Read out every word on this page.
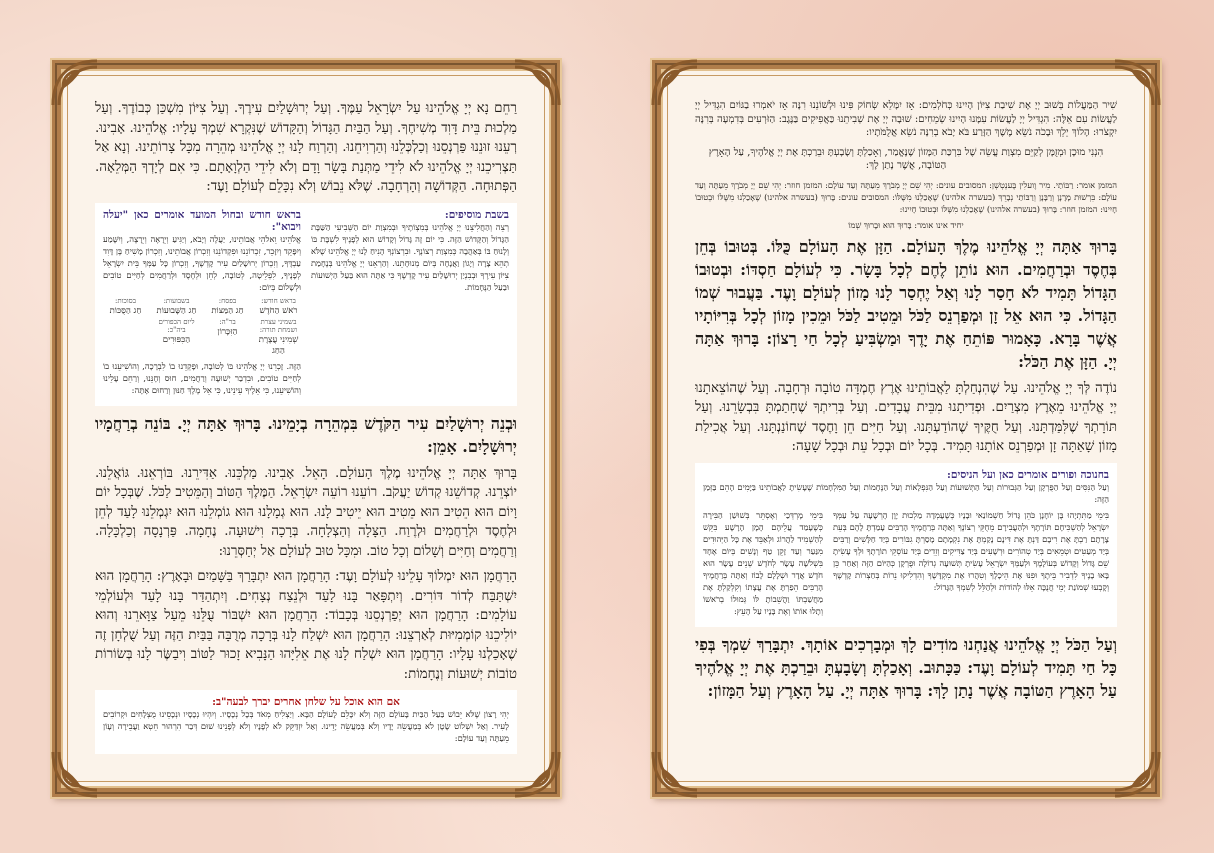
רַחֵם נָא יְיָ אֱלֹהֵינוּ עַל יִשְׂרָאֵל עַמֶּךָ. וְעַל יְרוּשָׁלַיִם עִירֶךָ. וְעַל צִיּוֹן מִשְׁכַּן כְּבוֹדֶךָ. וְעַל מַלְכוּת בֵּית דָּוִד מְשִׁיחֶךָ. וְעַל הַבַּיִת הַגָּדוֹל וְהַקָּדוֹשׁ שֶׁנִּקְרָא שִׁמְךָ עָלָיו: אֱלֹהֵינוּ. אָבִינוּ. רְעֵנוּ זוּנֵנוּ פַּרְנְסֵנוּ וְכַלְכְּלֵנוּ וְהַרְוִיחֵנוּ. וְהַרְוַח לָנוּ יְיָ אֱלֹהֵינוּ מְהֵרָה מִכָּל צָרוֹתֵינוּ. וְנָא אַל תַּצְרִיכֵנוּ יְיָ אֱלֹהֵינוּ לֹא לִידֵי מַתְּנַת בָּשָׂר וָדָם וְלֹא לִידֵי הַלְוָאָתָם. כִּי אִם לְיָדְךָ הַמְּלֵאָה. הַפְּתוּחָה. הַקְּדוֹשָׁה וְהָרְחָבָה. שֶׁלֹּא נֵבוֹשׁ וְלֹא נִכָּלֵם לְעוֹלָם וָעֶד:

בשבת מוסיפים:

רְצֵה וְהַחֲלִיצֵנוּ יְיָ אֱלֹהֵינוּ בְּמִצְוֹתֶיךָ וּבְמִצְוַת יוֹם הַשְּׁבִיעִי הַשַּׁבָּת הַגָּדוֹל וְהַקָּדוֹשׁ הַזֶּה. כִּי יוֹם זֶה גָּדוֹל וְקָדוֹשׁ הוּא לְפָנֶיךָ לִשְׁבָּת בּוֹ וְלָנוּחַ בּוֹ בְּאַהֲבָה כְּמִצְוַת רְצוֹנֶךָ. וּבִרְצוֹנְךָ הָנִיחַ לָנוּ יְיָ אֱלֹהֵינוּ שֶׁלֹּא תְהֵא צָרָה וְיָגוֹן וַאֲנָחָה בְּיוֹם מְנוּחָתֵנוּ. וְהַרְאֵנוּ יְיָ אֱלֹהֵינוּ בְּנֶחָמַת צִיּוֹן עִירֶךָ וּבְבִנְיַן יְרוּשָׁלַיִם עִיר קָדְשֶׁךָ כִּי אַתָּה הוּא בַּעַל הַיְשׁוּעוֹת וּבַעַל הַנֶּחָמוֹת.

בראש חודש ובחול המועד אומרים כאן "יעלה ויבוא":

אֱלֹהֵינוּ וֵאלֹהֵי אֲבוֹתֵינוּ, יַעֲלֶה וְיָבֹא, וְיַגִּיעַ וְיֵרָאֶה וְיֵרָצֶה, וְיִשָּׁמַע וְיִפָּקֵד וְיִזָּכֵר, זִכְרוֹנֵנוּ וּפִקְדוֹנֵנוּ וְזִכְרוֹן אֲבוֹתֵינוּ, וְזִכְרוֹן מָשִׁיחַ בֶּן דָּוִד עַבְדֶּךָ, וְזִכְרוֹן יְרוּשָׁלַיִם עִיר קָדְשֶׁךָ, וְזִכְרוֹן כָּל עַמְּךָ בֵּית יִשְׂרָאֵל לְפָנֶיךָ, לִפְלֵיטָה, לְטוֹבָה, לְחֵן וּלְחֶסֶד וּלְרַחֲמִים לְחַיִּים טוֹבִים וּלְשָׁלוֹם בְּיוֹם:

בראש חודש:
רֹאשׁ הַחֹדֶשׁ
בפסח:
חַג הַמַּצּוֹת
בשבועות:
חַג הַשָּׁבוּעוֹת
בסוכות:
חַג הַסֻּכּוֹת
בשמיני עצרת ושמחת תורה:
שְׁמִינִי עֲצֶרֶת הַחַג
בר"ה:
הַזִּכָּרוֹן
ליום הכפורים ביה"כ:
הַכִּפּוּרִים

הַזֶּה. זָכְרֵנוּ יְיָ אֱלֹהֵינוּ בּוֹ לְטוֹבָה, וּפָקְדֵנוּ בוֹ לִבְרָכָה, וְהוֹשִׁיעֵנוּ בוֹ לְחַיִּים טוֹבִים, וּבִדְבַר יְשׁוּעָה וְרַחֲמִים, חוּס וְחָנֵּנוּ, וְרַחֵם עָלֵינוּ וְהוֹשִׁיעֵנוּ, כִּי אֵלֶיךָ עֵינֵינוּ, כִּי אֵל מֶלֶךְ חַנּוּן וְרַחוּם אָתָּה:

וּבְנֵה יְרוּשָׁלַיִם עִיר הַקֹּדֶשׁ בִּמְהֵרָה בְיָמֵינוּ. בָּרוּךְ אַתָּה יְיָ. בּוֹנֵה בְרַחֲמָיו יְרוּשָׁלָיִם. אָמֵן:

בָּרוּךְ אַתָּה יְיָ אֱלֹהֵינוּ מֶלֶךְ הָעוֹלָם. הָאֵל. אָבִינוּ. מַלְכֵּנוּ. אַדִּירֵנוּ. בּוֹרְאֵנוּ. גּוֹאֲלֵנוּ. יוֹצְרֵנוּ. קְדוֹשֵׁנוּ קְדוֹשׁ יַעֲקֹב. רוֹעֵנוּ רוֹעֵה יִשְׂרָאֵל. הַמֶּלֶךְ הַטּוֹב וְהַמֵּטִיב לַכֹּל. שֶׁבְּכָל יוֹם וָיוֹם הוּא הֵטִיב הוּא מֵטִיב הוּא יֵיטִיב לָנוּ. הוּא גְמָלָנוּ הוּא גוֹמְלֵנוּ הוּא יִגְמְלֵנוּ לָעַד לְחֵן וּלְחֶסֶד וּלְרַחֲמִים וּלְרֶוַח. הַצָּלָה וְהַצְלָחָה. בְּרָכָה וִישׁוּעָה. נֶחָמָה. פַּרְנָסָה וְכַלְכָּלָה. וְרַחֲמִים וְחַיִּים וְשָׁלוֹם וְכָל טוֹב. וּמִכָּל טוּב לְעוֹלָם אַל יְחַסְּרֵנוּ:

הָרַחֲמָן הוּא יִמְלוֹךְ עָלֵינוּ לְעוֹלָם וָעֶד: הָרַחֲמָן הוּא יִתְבָּרַךְ בַּשָּׁמַיִם וּבָאָרֶץ: הָרַחֲמָן הוּא יִשְׁתַּבַּח לְדוֹר דּוֹרִים. וְיִתְפָּאַר בָּנוּ לָעַד וּלְנֵצַח נְצָחִים. וְיִתְהַדַּר בָּנוּ לָעַד וּלְעוֹלְמֵי עוֹלָמִים: הָרַחֲמָן הוּא יְפַרְנְסֵנוּ בְּכָבוֹד: הָרַחֲמָן הוּא יִשְׁבּוֹר עֻלֵּנוּ מֵעַל צַוָּארֵנוּ וְהוּא יוֹלִיכֵנוּ קוֹמְמִיּוּת לְאַרְצֵנוּ: הָרַחֲמָן הוּא יִשְׁלַח לָנוּ בְּרָכָה מְרֻבָּה בַּבַּיִת הַזֶּה וְעַל שֻׁלְחָן זֶה שֶׁאָכַלְנוּ עָלָיו: הָרַחֲמָן הוּא יִשְׁלַח לָנוּ אֶת אֵלִיָּהוּ הַנָּבִיא זָכוּר לַטּוֹב וִיבַשֶּׂר לָנוּ בְּשׂוֹרוֹת טוֹבוֹת יְשׁוּעוֹת וְנֶחָמוֹת:

אם הוא אוכל על שלחן אחרים יברך לבעה"ב:

יְהִי רָצוֹן שֶׁלֹּא יֵבוֹשׁ בַּעַל הַבַּיִת בָּעוֹלָם הַזֶּה וְלֹא יִכָּלֵם לָעוֹלָם הַבָּא. וְיַצְלִיחַ מְאֹד בְּכָל נְכָסָיו. וְיִהְיוּ נְכָסָיו וּנְכָסֵינוּ מֻצְלָחִים וּקְרוֹבִים לָעִיר. וְאַל יִשְׁלוֹט שָׂטָן לֹא בְּמַעֲשֵׂה יָדָיו וְלֹא בְּמַעֲשֵׂה יָדֵינוּ. וְאַל יִזְדַּקֵּק לֹא לְפָנָיו וְלֹא לְפָנֵינוּ שׁוּם דְּבַר הִרְהוּר חֵטְא וַעֲבֵירָה וְעָוֹן מֵעַתָּה וְעַד עוֹלָם:

שִׁיר הַמַּעֲלוֹת בְּשׁוּב יְיָ אֶת שִׁיבַת צִיּוֹן הָיִינוּ כְּחֹלְמִים: אָז יִמָּלֵא שְׂחוֹק פִּינוּ וּלְשׁוֹנֵנוּ רִנָּה אָז יֹאמְרוּ בַגּוֹיִם הִגְדִּיל יְיָ לַעֲשׂוֹת עִם אֵלֶּה: הִגְדִּיל יְיָ לַעֲשׂוֹת עִמָּנוּ הָיִינוּ שְׂמֵחִים: שׁוּבָה יְיָ אֶת שְׁבִיתֵנוּ כַּאֲפִיקִים בַּנֶּגֶב: הַזֹּרְעִים בְּדִמְעָה בְּרִנָּה יִקְצֹרוּ: הָלוֹךְ יֵלֵךְ וּבָכֹה נֹשֵׂא מֶשֶׁךְ הַזָּרַע בֹּא יָבֹא בְרִנָּה נֹשֵׂא אֲלֻמֹּתָיו:

הִנְנִי מוּכָן וּמְזֻמָּן לְקַיֵּם מִצְוַת עֲשֵׂה שֶׁל בִּרְכַּת הַמָּזוֹן שֶׁנֶּאֱמַר, וְאָכַלְתָּ וְשָׂבָעְתָּ וּבֵרַכְתָּ אֶת יְיָ אֱלֹהֶיךָ, עַל הָאָרֶץ הַטּוֹבָה, אֲשֶׁר נָתַן לָךְ:

המזמן אומר: רַבּוֹתַי. מִיר וֶועלִין בֶּענְטְשְׁן: המסובים עונים: יְהִי שֵׁם יְיָ מְבֹרָךְ מֵעַתָּה וְעַד עוֹלָם: המזמן חוזר: יְהִי שֵׁם יְיָ מְבֹרָךְ מֵעַתָּה וְעַד עוֹלָם: בִּרְשׁוּת מָרָנָן וְרַבָּנָן וְרַבּוֹתַי נְבָרֵךְ (בעשרה אלהינו) שֶׁאָכַלְנוּ מִשֶּׁלּוֹ: המסובים עונים: בָּרוּךְ (בעשרה אלהינו) שֶׁאָכַלְנוּ מִשֶּׁלּוֹ וּבְטוּבוֹ חָיִינוּ: המזמן חוזר: בָּרוּךְ (בעשרה אלהינו) שֶׁאָכַלְנוּ מִשֶּׁלּוֹ וּבְטוּבוֹ חָיִינוּ:

יחיד אינו אומר: בָּרוּךְ הוּא וּבָרוּךְ שְׁמוֹ

בָּרוּךְ אַתָּה יְיָ אֱלֹהֵינוּ מֶלֶךְ הָעוֹלָם. הַזָּן אֶת הָעוֹלָם כֻּלּוֹ. בְּטוּבוֹ בְּחֵן בְּחֶסֶד וּבְרַחֲמִים. הוּא נוֹתֵן לֶחֶם לְכָל בָּשָׂר. כִּי לְעוֹלָם חַסְדּוֹ: וּבְטוּבוֹ הַגָּדוֹל תָּמִיד לֹא חָסַר לָנוּ וְאַל יֶחְסַר לָנוּ מָזוֹן לְעוֹלָם וָעֶד. בַּעֲבוּר שְׁמוֹ הַגָּדוֹל. כִּי הוּא אֵל זָן וּמְפַרְנֵס לַכֹּל וּמֵטִיב לַכֹּל וּמֵכִין מָזוֹן לְכָל בְּרִיּוֹתָיו אֲשֶׁר בָּרָא. כָּאָמוּר פּוֹתֵחַ אֶת יָדֶךָ וּמַשְׂבִּיעַ לְכָל חַי רָצוֹן: בָּרוּךְ אַתָּה יְיָ. הַזָּן אֶת הַכֹּל:

נוֹדֶה לְּךָ יְיָ אֱלֹהֵינוּ. עַל שֶׁהִנְחַלְתָּ לַאֲבוֹתֵינוּ אֶרֶץ חֶמְדָּה טוֹבָה וּרְחָבָה. וְעַל שֶׁהוֹצֵאתָנוּ יְיָ אֱלֹהֵינוּ מֵאֶרֶץ מִצְרַיִם. וּפְדִיתָנוּ מִבֵּית עֲבָדִים. וְעַל בְּרִיתְךָ שֶׁחָתַמְתָּ בִּבְשָׂרֵנוּ. וְעַל תּוֹרָתְךָ שֶׁלִּמַּדְתָּנוּ. וְעַל חֻקֶּיךָ שֶׁהוֹדַעְתָּנוּ. וְעַל חַיִּים חֵן וָחֶסֶד שֶׁחוֹנַנְתָּנוּ. וְעַל אֲכִילַת מָזוֹן שָׁאַתָּה זָן וּמְפַרְנֵס אוֹתָנוּ תָּמִיד. בְּכָל יוֹם וּבְכָל עֵת וּבְכָל שָׁעָה:

בחנוכה ופורים אומרים כאן ועל הניסים:

וְעַל הַנִּסִּים וְעַל הַפֻּרְקָן וְעַל הַגְּבוּרוֹת וְעַל הַתְּשׁוּעוֹת וְעַל הַנִּפְלָאוֹת וְעַל הַנֶּחָמוֹת וְעַל הַמִּלְחָמוֹת שֶׁעָשִׂיתָ לַאֲבוֹתֵינוּ בַּיָּמִים הָהֵם בַּזְּמַן הַזֶּה:

בִּימֵי מַתִּתְיָהוּ בֶּן יוֹחָנָן כֹּהֵן גָּדוֹל חַשְׁמוֹנַאי וּבָנָיו כְּשֶׁעָמְדָה מַלְכוּת יָוָן הָרְשָׁעָה עַל עַמְּךָ יִשְׂרָאֵל לְהַשְׁכִּיחָם תּוֹרָתֶךָ וּלְהַעֲבִירָם מֵחֻקֵּי רְצוֹנֶךָ וְאַתָּה בְּרַחֲמֶיךָ הָרַבִּים עָמַדְתָּ לָהֶם בְּעֵת צָרָתָם רַבְתָּ אֶת רִיבָם דַּנְתָּ אֶת דִּינָם נָקַמְתָּ אֶת נִקְמָתָם מָסַרְתָּ גִבּוֹרִים בְּיַד חַלָּשִׁים וְרַבִּים בְּיַד מְעַטִּים וּטְמֵאִים בְּיַד טְהוֹרִים וּרְשָׁעִים בְּיַד צַדִּיקִים וְזֵדִים בְּיַד עוֹסְקֵי תוֹרָתֶךָ וּלְךָ עָשִׂיתָ שֵׁם גָּדוֹל וְקָדוֹשׁ בְּעוֹלָמֶךָ וּלְעַמְּךָ יִשְׂרָאֵל עָשִׂיתָ תְּשׁוּעָה גְדוֹלָה וּפֻרְקָן כְּהַיּוֹם הַזֶּה וְאַחַר כֵּן בָּאוּ בָנֶיךָ לִדְבִיר בֵּיתֶךָ וּפִנּוּ אֶת הֵיכָלֶךָ וְטִהֲרוּ אֶת מִקְדָּשֶׁךָ וְהִדְלִיקוּ נֵרוֹת בְּחַצְרוֹת קָדְשֶׁךָ וְקָבְעוּ שְׁמוֹנַת יְמֵי חֲנֻכָּה אֵלּוּ לְהוֹדוֹת וּלְהַלֵּל לְשִׁמְךָ הַגָּדוֹל:

בִּימֵי מָרְדְּכַי וְאֶסְתֵּר בְּשׁוּשַׁן הַבִּירָה כְּשֶׁעָמַד עֲלֵיהֶם הָמָן הָרָשָׁע בִּקֵּשׁ לְהַשְׁמִיד לַהֲרוֹג וּלְאַבֵּד אֶת כָּל הַיְּהוּדִים מִנַּעַר וְעַד זָקֵן טַף וְנָשִׁים בְּיוֹם אֶחָד בִּשְׁלֹשָׁה עָשָׂר לְחֹדֶשׁ שְׁנֵים עָשָׂר הוּא חֹדֶשׁ אֲדָר וּשְׁלָלָם לָבוֹז וְאַתָּה בְּרַחֲמֶיךָ הָרַבִּים הֵפַרְתָּ אֶת עֲצָתוֹ וְקִלְקַלְתָּ אֶת מַחֲשַׁבְתּוֹ וַהֲשֵׁבוֹתָ לּוֹ גְּמוּלוֹ בְרֹאשׁוֹ וְתָלוּ אוֹתוֹ וְאֶת בָּנָיו עַל הָעֵץ:

וְעַל הַכֹּל יְיָ אֱלֹהֵינוּ אֲנַחְנוּ מוֹדִים לָךְ וּמְבָרְכִים אוֹתָךְ. יִתְבָּרַךְ שִׁמְךָ בְּפִי כָּל חַי תָּמִיד לְעוֹלָם וָעֶד: כַּכָּתוּב. וְאָכַלְתָּ וְשָׂבָעְתָּ וּבֵרַכְתָּ אֶת יְיָ אֱלֹהֶיךָ עַל הָאָרֶץ הַטּוֹבָה אֲשֶׁר נָתַן לָךְ: בָּרוּךְ אַתָּה יְיָ. עַל הָאָרֶץ וְעַל הַמָּזוֹן:
